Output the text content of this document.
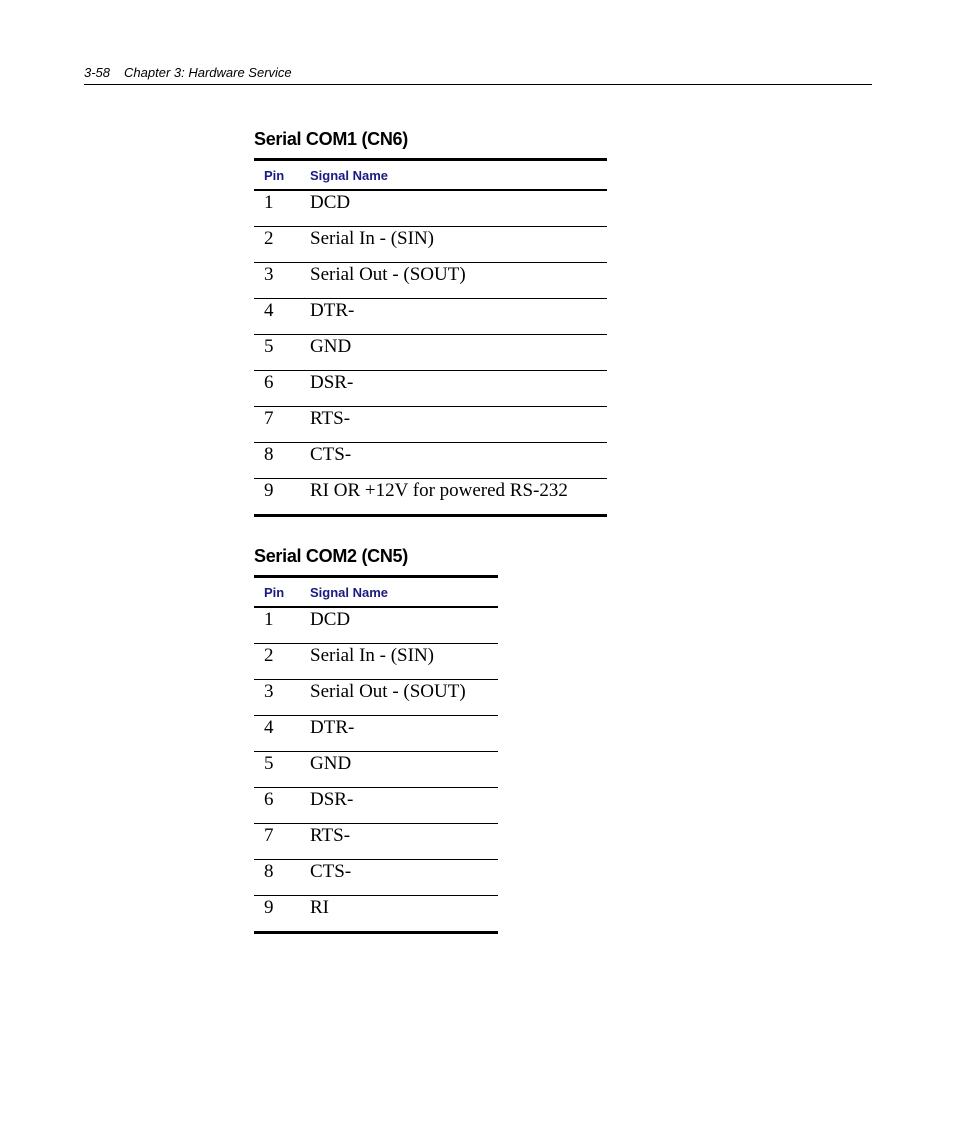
3-58 Chapter 3: Hardware Service
Serial COM1 (CN6)
Pin	Signal Name
1	DCD
2	Serial In - (SIN)
3	Serial Out - (SOUT)
4	DTR-
5	GND
6	DSR-
7	RTS-
8	CTS-
9	RI OR +12V for powered RS-232
Serial COM2 (CN5)
Pin	Signal Name
1	DCD
2	Serial In - (SIN)
3	Serial Out - (SOUT)
4	DTR-
5	GND
6	DSR-
7	RTS-
8	CTS-
9	RI
